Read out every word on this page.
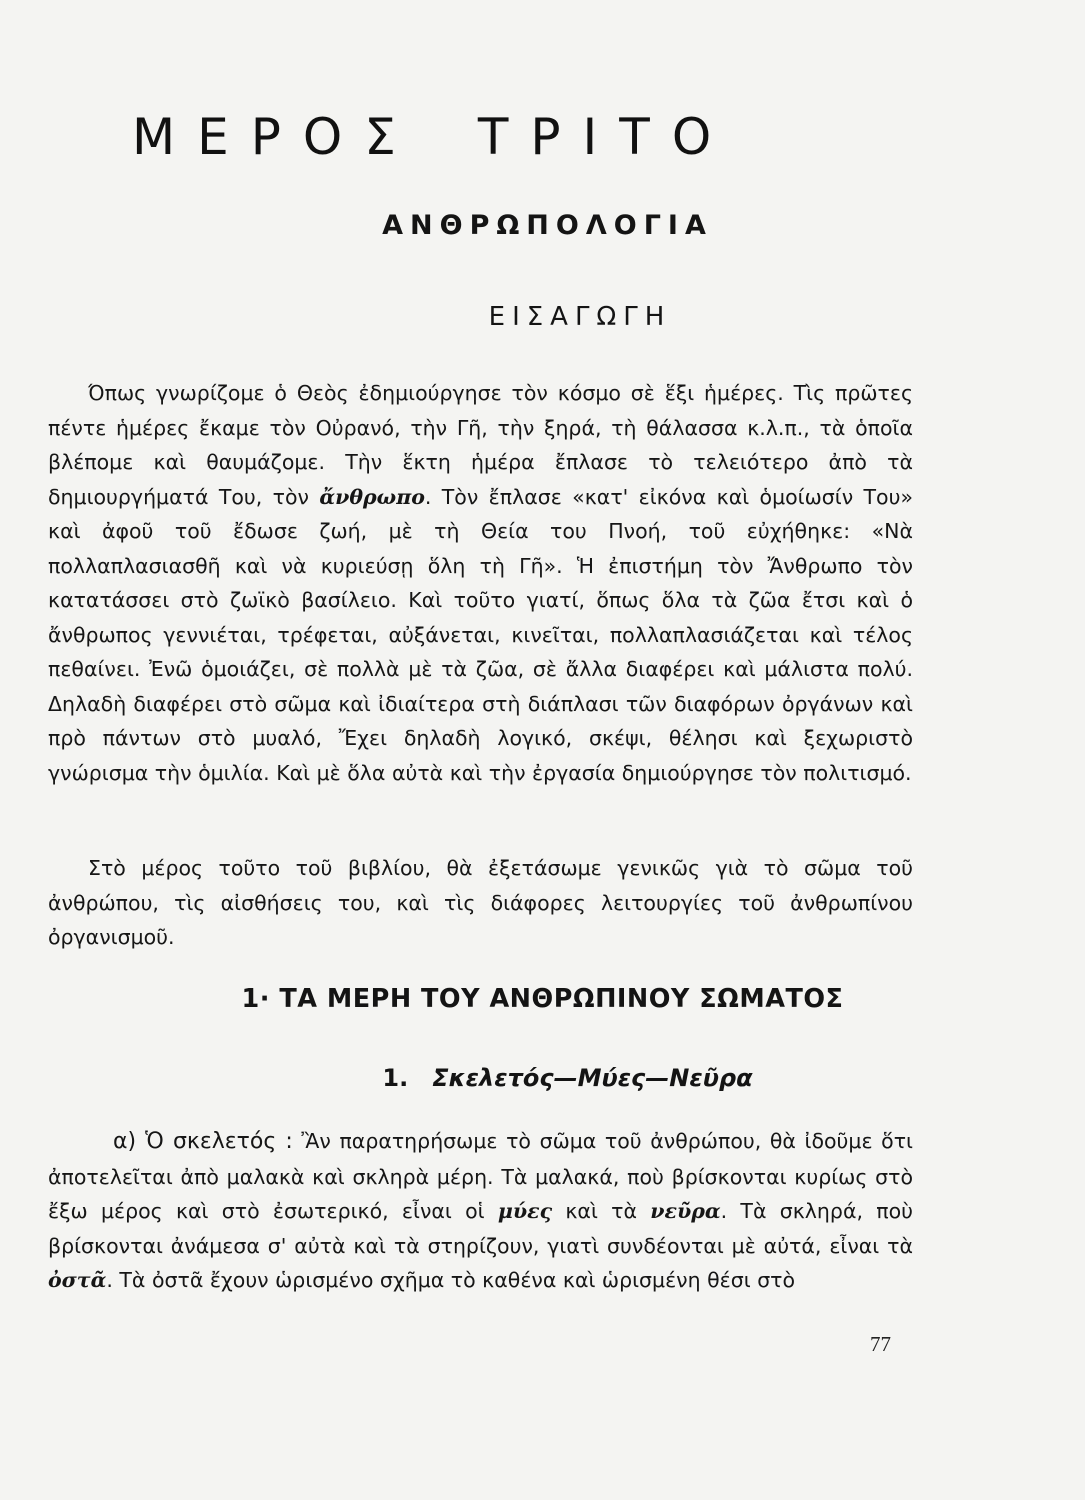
ΜΕΡΟΣ ΤΡΙΤΟ
ΑΝΘΡΩΠΟΛΟΓΙΑ
ΕΙΣΑΓΩΓΗ

Όπως γνωρίζομε ὁ Θεὸς ἐδημιούργησε τὸν κόσμο σὲ ἕξι ἡμέρες. Τὶς πρῶτες πέντε ἡμέρες ἔκαμε τὸν Οὐρανό, τὴν Γῆ, τὴν ξηρά, τὴ θάλασσα κ.λ.π., τὰ ὁποῖα βλέπομε καὶ θαυμάζομε. Τὴν ἕκτη ἡμέρα ἔπλασε τὸ τελειότερο ἀπὸ τὰ δημιουργήματά Του, τὸν ἄνθρωπο. Τὸν ἔπλασε «κατ' εἰκόνα καὶ ὁμοίωσίν Του» καὶ ἀφοῦ τοῦ ἔδωσε ζωή, μὲ τὴ Θεία του Πνοή, τοῦ εὐχήθηκε: «Νὰ πολλαπλασιασθῆ καὶ νὰ κυριεύσῃ ὅλη τὴ Γῆ». Ἡ ἐπιστήμη τὸν Ἄνθρωπο τὸν κατατάσσει στὸ ζωϊκὸ βασίλειο. Καὶ τοῦτο γιατί, ὅπως ὅλα τὰ ζῶα ἔτσι καὶ ὁ ἄνθρωπος γεννιέται, τρέφεται, αὐξάνεται, κινεῖται, πολλαπλασιάζεται καὶ τέλος πεθαίνει. Ἐνῶ ὁμοιάζει, σὲ πολλὰ μὲ τὰ ζῶα, σὲ ἄλλα διαφέρει καὶ μάλιστα πολύ. Δηλαδὴ διαφέρει στὸ σῶμα καὶ ἰδιαίτερα στὴ διάπλασι τῶν διαφόρων ὀργάνων καὶ πρὸ πάντων στὸ μυαλό, Ἔχει δηλαδὴ λογικό, σκέψι, θέλησι καὶ ξεχωριστὸ γνώρισμα τὴν ὁμιλία. Καὶ μὲ ὅλα αὐτὰ καὶ τὴν ἐργασία δημιούργησε τὸν πολιτισμό.

Στὸ μέρος τοῦτο τοῦ βιβλίου, θὰ ἐξετάσωμε γενικῶς γιὰ τὸ σῶμα τοῦ ἀνθρώπου, τὶς αἰσθήσεις του, καὶ τὶς διάφορες λειτουργίες τοῦ ἀνθρωπίνου ὀργανισμοῦ.

1· ΤΑ ΜΕΡΗ ΤΟΥ ΑΝΘΡΩΠΙΝΟΥ ΣΩΜΑΤΟΣ
1. Σκελετός—Μύες—Νεῦρα

α) Ὁ σκελετός : Ἂν παρατηρήσωμε τὸ σῶμα τοῦ ἀνθρώπου, θὰ ἰδοῦμε ὅτι ἀποτελεῖται ἀπὸ μαλακὰ καὶ σκληρὰ μέρη. Τὰ μαλακά, ποὺ βρίσκονται κυρίως στὸ ἔξω μέρος καὶ στὸ ἐσωτερικό, εἶναι οἱ μύες καὶ τὰ νεῦρα. Τὰ σκληρά, ποὺ βρίσκονται ἀνάμεσα σ' αὐτὰ καὶ τὰ στηρίζουν, γιατὶ συνδέονται μὲ αὐτά, εἶναι τὰ ὀστᾶ. Τὰ ὀστᾶ ἔχουν ὡρισμένο σχῆμα τὸ καθένα καὶ ὡρισμένη θέσι στὸ

77
